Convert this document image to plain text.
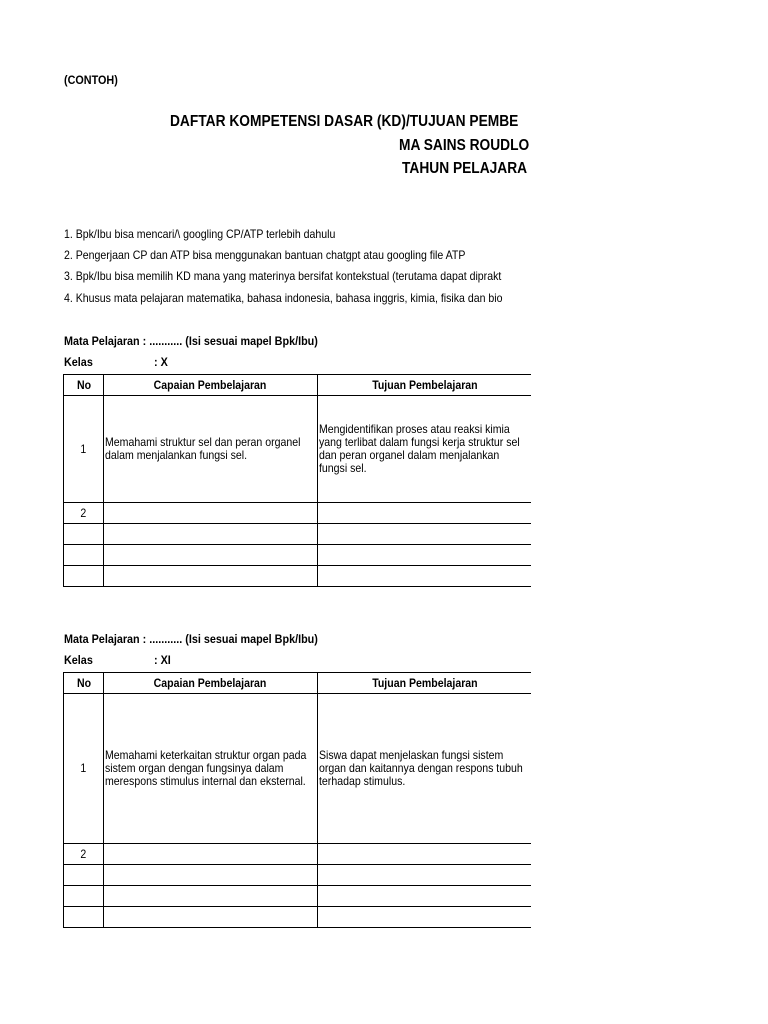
(CONTOH)
DAFTAR KOMPETENSI DASAR (KD)/TUJUAN PEMBE
MA SAINS ROUDLO
TAHUN PELAJARA
1. Bpk/Ibu bisa mencari/\ googling CP/ATP terlebih dahulu
2. Pengerjaan CP dan ATP bisa menggunakan bantuan chatgpt atau googling file ATP
3. Bpk/Ibu bisa memilih KD mana yang materinya bersifat kontekstual (terutama dapat diprakt
4. Khusus mata pelajaran matematika, bahasa indonesia, bahasa inggris, kimia, fisika dan bio
Mata Pelajaran : ........... (Isi sesuai mapel Bpk/Ibu)
Kelas	: X
No	Capaian Pembelajaran	Tujuan Pembelajaran
1	Memahami struktur sel dan peran organel dalam menjalankan fungsi sel.	Mengidentifikan proses atau reaksi kimia yang terlibat dalam fungsi kerja struktur sel dan peran organel dalam menjalankan fungsi sel.
2		

Mata Pelajaran : ........... (Isi sesuai mapel Bpk/Ibu)
Kelas	: XI
No	Capaian Pembelajaran	Tujuan Pembelajaran
1	Memahami keterkaitan struktur organ pada sistem organ dengan fungsinya dalam merespons stimulus internal dan eksternal.	Siswa dapat menjelaskan fungsi sistem organ dan kaitannya dengan respons tubuh terhadap stimulus.
2		
